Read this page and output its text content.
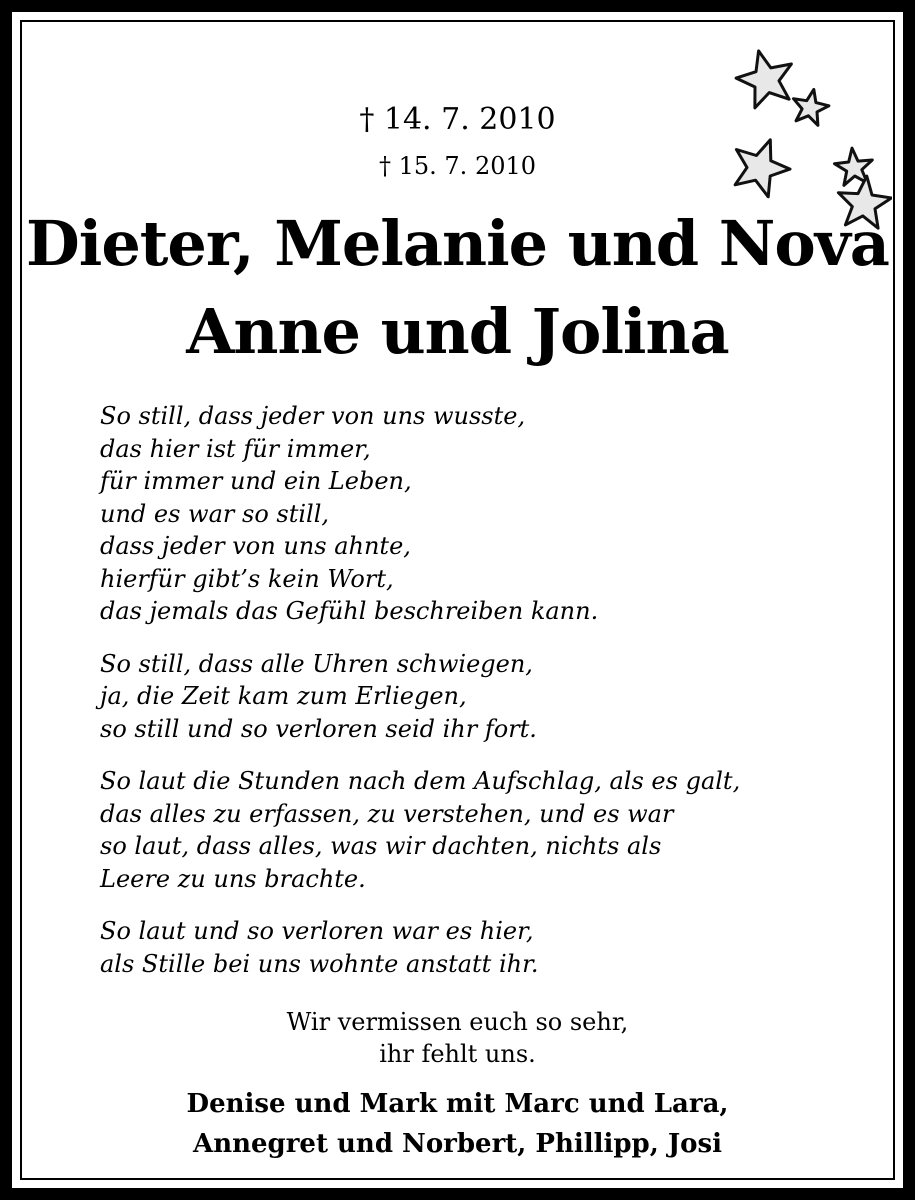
† 14. 7. 2010
† 15. 7. 2010
Dieter, Melanie und Nova
Anne und Jolina
So still, dass jeder von uns wusste,
das hier ist für immer,
für immer und ein Leben,
und es war so still,
dass jeder von uns ahnte,
hierfür gibt’s kein Wort,
das jemals das Gefühl beschreiben kann.
So still, dass alle Uhren schwiegen,
ja, die Zeit kam zum Erliegen,
so still und so verloren seid ihr fort.
So laut die Stunden nach dem Aufschlag, als es galt,
das alles zu erfassen, zu verstehen, und es war
so laut, dass alles, was wir dachten, nichts als
Leere zu uns brachte.
So laut und so verloren war es hier,
als Stille bei uns wohnte anstatt ihr.
Wir vermissen euch so sehr,
ihr fehlt uns.
Denise und Mark mit Marc und Lara,
Annegret und Norbert, Phillipp, Josi
